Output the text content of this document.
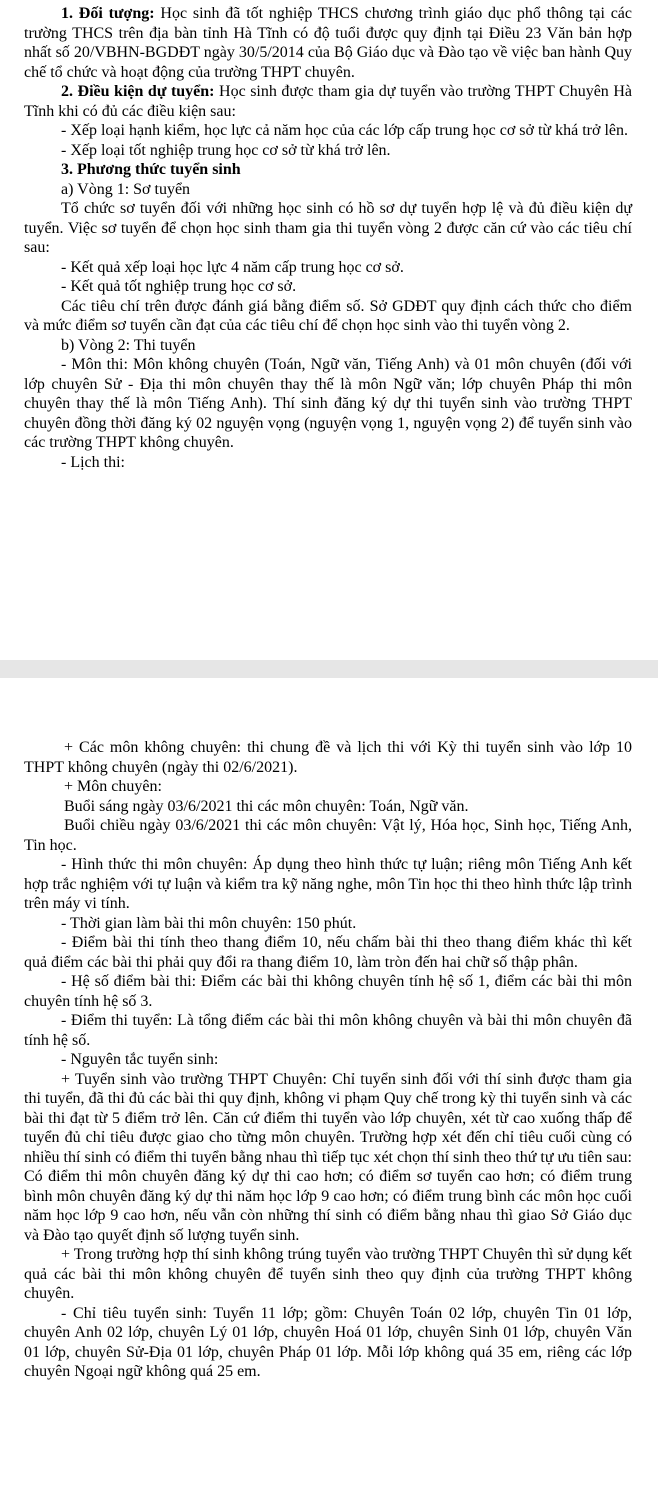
1. Đối tượng: Học sinh đã tốt nghiệp THCS chương trình giáo dục phổ thông tại các trường THCS trên địa bàn tỉnh Hà Tĩnh có độ tuổi được quy định tại Điều 23 Văn bản hợp nhất số 20/VBHN-BGDĐT ngày 30/5/2014 của Bộ Giáo dục và Đào tạo về việc ban hành Quy chế tổ chức và hoạt động của trường THPT chuyên.

2. Điều kiện dự tuyển: Học sinh được tham gia dự tuyển vào trường THPT Chuyên Hà Tĩnh khi có đủ các điều kiện sau:

- Xếp loại hạnh kiểm, học lực cả năm học của các lớp cấp trung học cơ sở từ khá trở lên.

- Xếp loại tốt nghiệp trung học cơ sở từ khá trở lên.

3. Phương thức tuyển sinh

a) Vòng 1: Sơ tuyển

Tổ chức sơ tuyển đối với những học sinh có hồ sơ dự tuyển hợp lệ và đủ điều kiện dự tuyển. Việc sơ tuyển để chọn học sinh tham gia thi tuyển vòng 2 được căn cứ vào các tiêu chí sau:

- Kết quả xếp loại học lực 4 năm cấp trung học cơ sở.

- Kết quả tốt nghiệp trung học cơ sở.

Các tiêu chí trên được đánh giá bằng điểm số. Sở GDĐT quy định cách thức cho điểm và mức điểm sơ tuyển cần đạt của các tiêu chí để chọn học sinh vào thi tuyển vòng 2.

b) Vòng 2: Thi tuyển

- Môn thi: Môn không chuyên (Toán, Ngữ văn, Tiếng Anh) và 01 môn chuyên (đối với lớp chuyên Sử - Địa thi môn chuyên thay thế là môn Ngữ văn; lớp chuyên Pháp thi môn chuyên thay thế là môn Tiếng Anh). Thí sinh đăng ký dự thi tuyển sinh vào trường THPT chuyên đồng thời đăng ký 02 nguyện vọng (nguyện vọng 1, nguyện vọng 2) để tuyển sinh vào các trường THPT không chuyên.

- Lịch thi:

+ Các môn không chuyên: thi chung đề và lịch thi với Kỳ thi tuyển sinh vào lớp 10 THPT không chuyên (ngày thi 02/6/2021).

+ Môn chuyên:

Buổi sáng ngày 03/6/2021 thi các môn chuyên: Toán, Ngữ văn.

Buổi chiều ngày 03/6/2021 thi các môn chuyên: Vật lý, Hóa học, Sinh học, Tiếng Anh, Tin học.

- Hình thức thi môn chuyên: Áp dụng theo hình thức tự luận; riêng môn Tiếng Anh kết hợp trắc nghiệm với tự luận và kiểm tra kỹ năng nghe, môn Tin học thi theo hình thức lập trình trên máy vi tính.

- Thời gian làm bài thi môn chuyên: 150 phút.

- Điểm bài thi tính theo thang điểm 10, nếu chấm bài thi theo thang điểm khác thì kết quả điểm các bài thi phải quy đổi ra thang điểm 10, làm tròn đến hai chữ số thập phân.

- Hệ số điểm bài thi: Điểm các bài thi không chuyên tính hệ số 1, điểm các bài thi môn chuyên tính hệ số 3.

- Điểm thi tuyển: Là tổng điểm các bài thi môn không chuyên và bài thi môn chuyên đã tính hệ số.

- Nguyên tắc tuyển sinh:

+ Tuyển sinh vào trường THPT Chuyên: Chỉ tuyển sinh đối với thí sinh được tham gia thi tuyển, đã thi đủ các bài thi quy định, không vi phạm Quy chế trong kỳ thi tuyển sinh và các bài thi đạt từ 5 điểm trở lên. Căn cứ điểm thi tuyển vào lớp chuyên, xét từ cao xuống thấp để tuyển đủ chỉ tiêu được giao cho từng môn chuyên. Trường hợp xét đến chỉ tiêu cuối cùng có nhiều thí sinh có điểm thi tuyển bằng nhau thì tiếp tục xét chọn thí sinh theo thứ tự ưu tiên sau: Có điểm thi môn chuyên đăng ký dự thi cao hơn; có điểm sơ tuyển cao hơn; có điểm trung bình môn chuyên đăng ký dự thi năm học lớp 9 cao hơn; có điểm trung bình các môn học cuối năm học lớp 9 cao hơn, nếu vẫn còn những thí sinh có điểm bằng nhau thì giao Sở Giáo dục và Đào tạo quyết định số lượng tuyển sinh.

+ Trong trường hợp thí sinh không trúng tuyển vào trường THPT Chuyên thì sử dụng kết quả các bài thi môn không chuyên để tuyển sinh theo quy định của trường THPT không chuyên.

- Chỉ tiêu tuyển sinh: Tuyển 11 lớp; gồm: Chuyên Toán 02 lớp, chuyên Tin 01 lớp, chuyên Anh 02 lớp, chuyên Lý 01 lớp, chuyên Hoá 01 lớp, chuyên Sinh 01 lớp, chuyên Văn 01 lớp, chuyên Sử-Địa 01 lớp, chuyên Pháp 01 lớp. Mỗi lớp không quá 35 em, riêng các lớp chuyên Ngoại ngữ không quá 25 em.
